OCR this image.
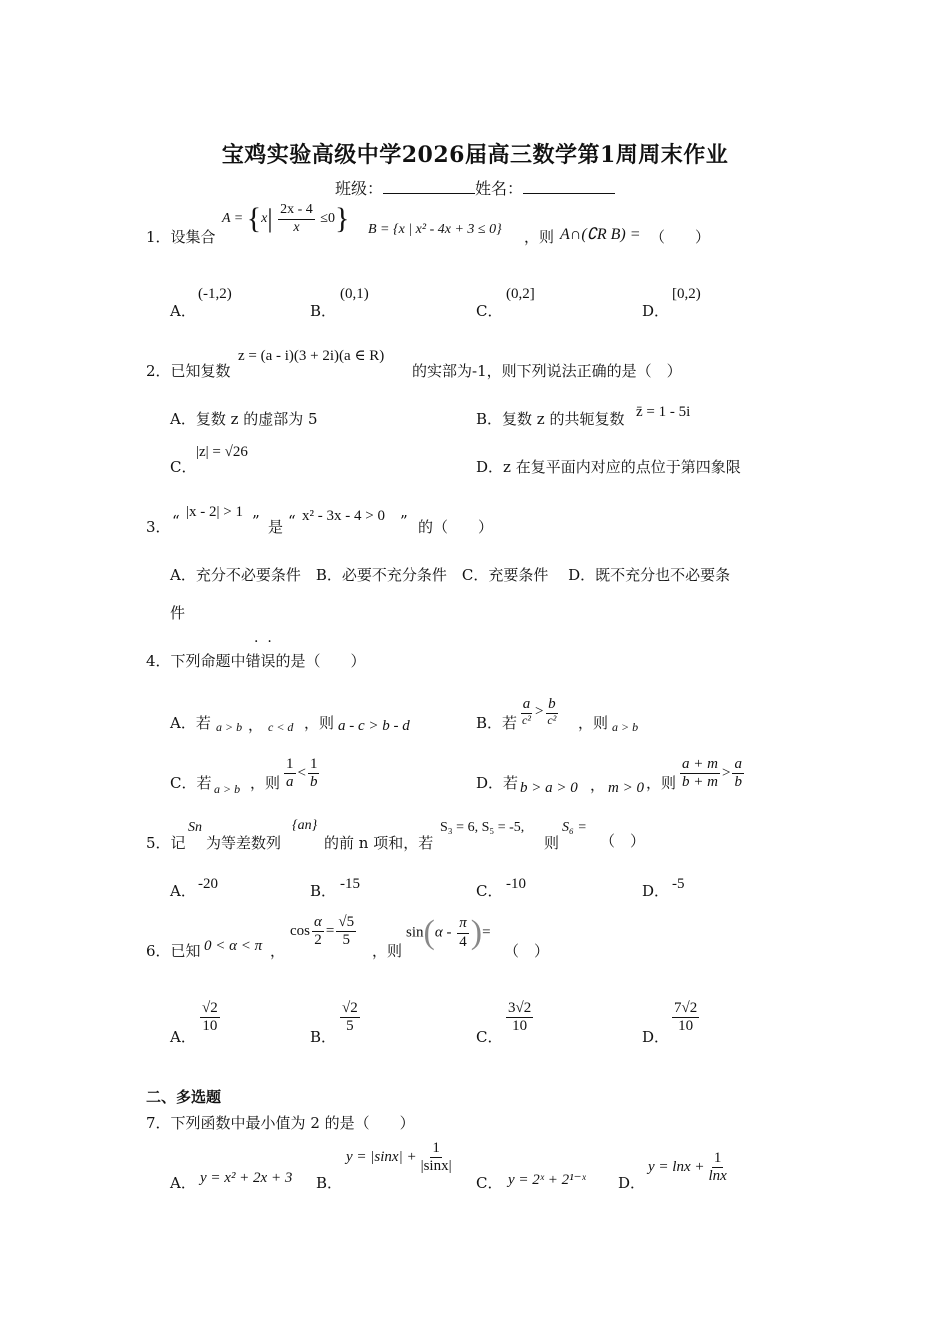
宝鸡实验高级中学2026届高三数学第1周周末作业
班级：	姓名：
1．设集合
$A = \{x| \frac{2x - 4}{x} \le 0\}$ B = {x | x² - 4x + 3 ≤ 0} ，则 A∩(∁R B) = （　　）
A．
(-1,2)
B．
(0,1)
C．
(0,2]
D．
[0,2)
2．已知复数
z = (a - i)(3 + 2i)(a ∈ R)
的实部为-1，则下列说法正确的是（　）
A．复数 z 的虚部为 5	B．复数 z 的共轭复数 z̄ = 1 - 5i
C．
|z| = √26
D．z 在复平面内对应的点位于第四象限
3． “ |x - 2| > 1 ” 是 “ x² - 3x - 4 > 0 ” 的（　　）
A．充分不必要条件　B．必要不充分条件　C．充要条件　 D．既不充分也不必要条
件
4．下列命题中错误的是（　　）
·  ·
A．若 a > b ， c < d ，则 a - c > b - d	B．若 $\frac{a}{\text{c²}} > \frac{b}{\text{c²}}$ ，则 a > b
C．若 a > b ，则 $\frac{1}{a} < \frac{1}{b}$	D．若 b > a > 0 ， m > 0 ，则 $\frac{a + m}{b + m} > \frac{a}{b}$
5．记
Sn
为等差数列
{an}
的前 n 项和，若
S₃ = 6, S₅ = -5,
则
S₆ =
（　）
A． -20	B． -15	C． -10	D． -5
6．已知 0 < α < π ，
$\cos \frac{\alpha}{2} = \frac{√5}{5}$
，则
$\sin(\alpha - \frac{\pi}{4}$ )=
（　）
A．
$\frac{√2}{10}$
B．
$\frac{√2}{5}$
C．
$\frac{3√2}{10}$
D．
$\frac{7√2}{10}$
二、多选题
7．下列函数中最小值为 2 的是（　　）
A． y = x² + 2x + 3 B．
$y = |\sin x| + \frac{1}{|\sin x|}$
C． y = 2ˣ + 2¹⁻ˣ D．
$y = \ln x + \frac{1}{\ln x}$
